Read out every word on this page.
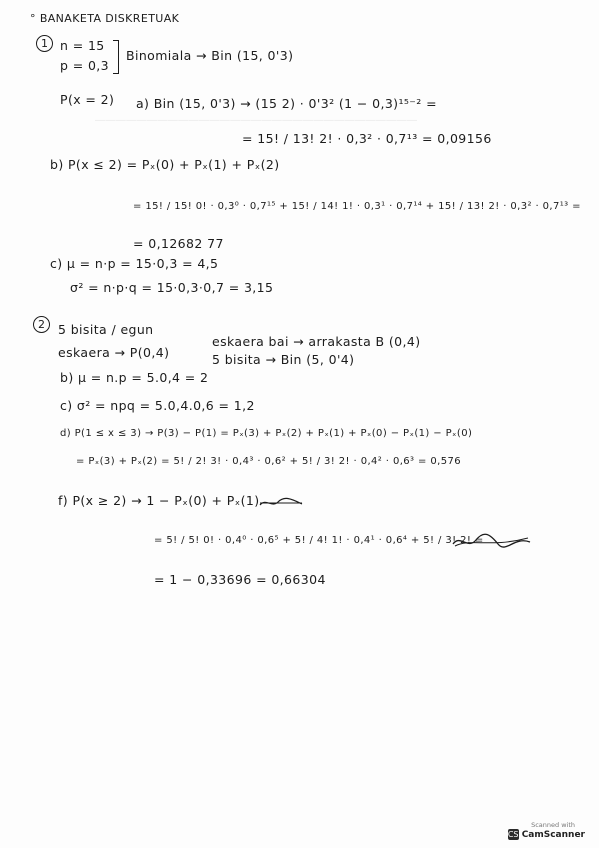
―――――――――――――――――――――――――――――――
° BANAKETA DISKRETUAK
1 n = 15
p = 0,3
Binomiala → Bin (15, 0'3)
P(x = 2) a) Bin (15, 0'3) → (15 2) · 0'3² (1 − 0,3)¹⁵⁻² =
= 15! / 13! 2! · 0,3² · 0,7¹³ = 0,09156
b) P(x ≤ 2) = Pₓ(0) + Pₓ(1) + Pₓ(2)
= 15! / 15! 0! · 0,3⁰ · 0,7¹⁵ + 15! / 14! 1! · 0,3¹ · 0,7¹⁴ + 15! / 13! 2! · 0,3² · 0,7¹³ =
= 0,12682 77
c) μ = n·p = 15·0,3 = 4,5
σ² = n·p·q = 15·0,3·0,7 = 3,15
2	5 bisita / egun
eskaera bai → arrakasta B (0,4)
eskaera → P(0,4)	5 bisita → Bin (5, 0'4)
b) μ = n.p = 5.0,4 = 2
c) σ² = npq = 5.0,4.0,6 = 1,2
d) P(1 ≤ x ≤ 3) → P(3) − P(1) = Pₓ(3) + Pₓ(2) + Pₓ(1) + Pₓ(0) − Pₓ(1) − Pₓ(0)
= Pₓ(3) + Pₓ(2) = 5! / 2! 3! · 0,4³ · 0,6² + 5! / 3! 2! · 0,4² · 0,6³ = 0,576
f) P(x ≥ 2) → 1 − Pₓ(0) + Pₓ(1)
= 5! / 5! 0! · 0,4⁰ · 0,6⁵ + 5! / 4! 1! · 0,4¹ · 0,6⁴ + 5! / 3! 2! =
= 1 − 0,33696 = 0,66304
Scanned with
CS CamScanner
